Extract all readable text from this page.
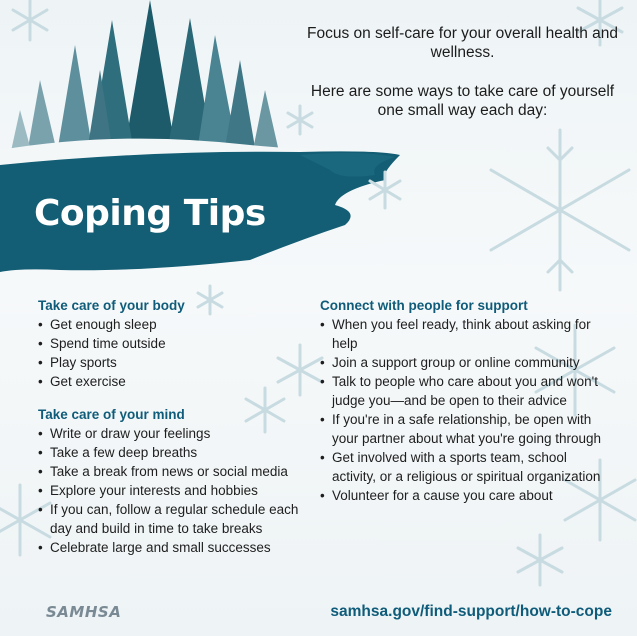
Focus on self-care for your overall health and wellness.

Here are some ways to take care of yourself one small way each day:

Coping Tips

Take care of your body

• Get enough sleep
• Spend time outside
• Play sports
• Get exercise

Take care of your mind

• Write or draw your feelings
• Take a few deep breaths
• Take a break from news or social media
• Explore your interests and hobbies
• If you can, follow a regular schedule each day and build in time to take breaks
• Celebrate large and small successes

Connect with people for support

• When you feel ready, think about asking for help
• Join a support group or online community
• Talk to people who care about you and won't judge you—and be open to their advice
• If you're in a safe relationship, be open with your partner about what you're going through
• Get involved with a sports team, school activity, or a religious or spiritual organization
• Volunteer for a cause you care about
SAMHSA	samhsa.gov/find-support/how-to-cope
